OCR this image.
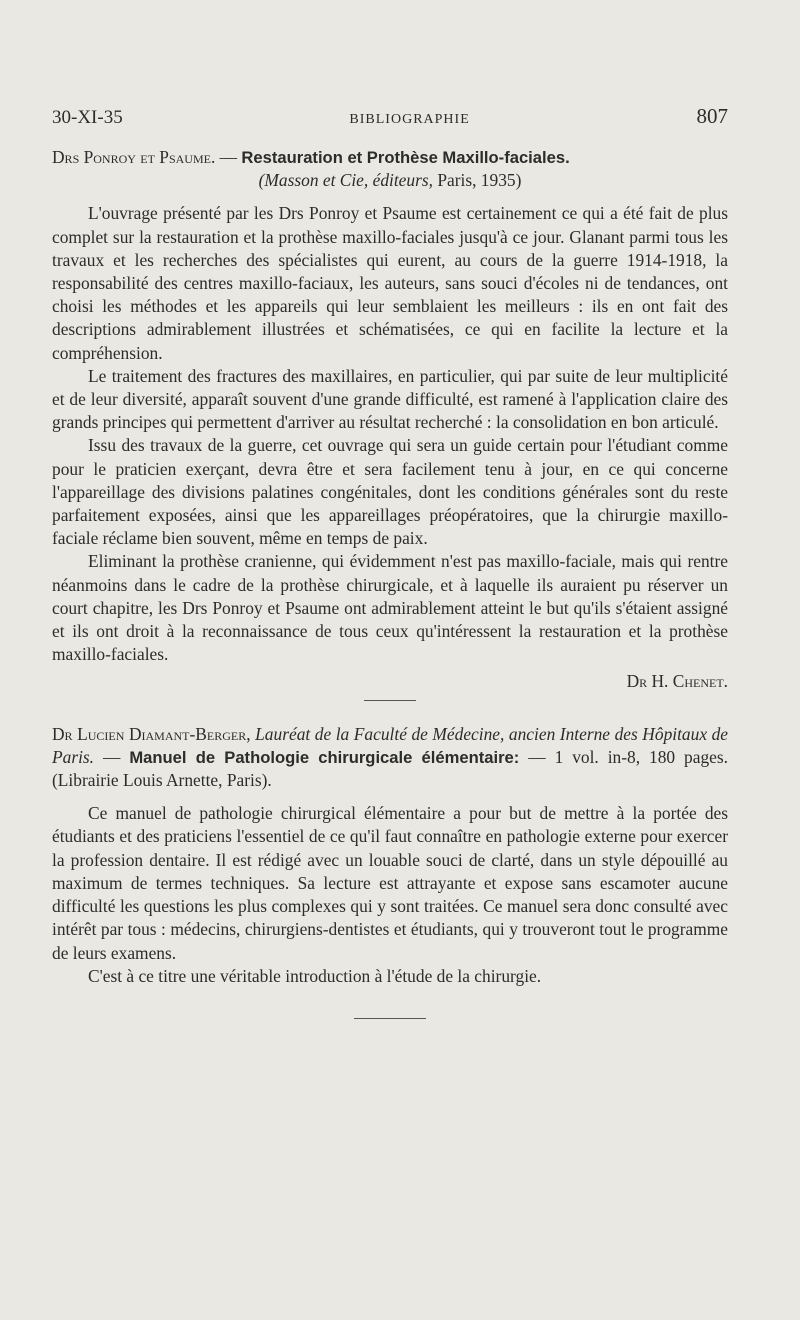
30-XI-35	BIBLIOGRAPHIE	807

Drs Ponroy et Psaume. — Restauration et Prothèse Maxillo-faciales.

(Masson et Cie, éditeurs, Paris, 1935)

L'ouvrage présenté par les Drs Ponroy et Psaume est certainement ce qui a été fait de plus complet sur la restauration et la prothèse maxillo-faciales jusqu'à ce jour. Glanant parmi tous les travaux et les recherches des spécialistes qui eurent, au cours de la guerre 1914-1918, la responsabilité des centres maxillo-faciaux, les auteurs, sans souci d'écoles ni de tendances, ont choisi les méthodes et les appareils qui leur semblaient les meilleurs : ils en ont fait des descriptions admirablement illustrées et schématisées, ce qui en facilite la lecture et la compréhension.

Le traitement des fractures des maxillaires, en particulier, qui par suite de leur multiplicité et de leur diversité, apparaît souvent d'une grande difficulté, est ramené à l'application claire des grands principes qui permettent d'arriver au résultat recherché : la consolidation en bon articulé.

Issu des travaux de la guerre, cet ouvrage qui sera un guide certain pour l'étudiant comme pour le praticien exerçant, devra être et sera facilement tenu à jour, en ce qui concerne l'appareillage des divisions palatines congénitales, dont les conditions générales sont du reste parfaitement exposées, ainsi que les appareillages préopératoires, que la chirurgie maxillo-faciale réclame bien souvent, même en temps de paix.

Eliminant la prothèse cranienne, qui évidemment n'est pas maxillo-faciale, mais qui rentre néanmoins dans le cadre de la prothèse chirurgicale, et à laquelle ils auraient pu réserver un court chapitre, les Drs Ponroy et Psaume ont admirablement atteint le but qu'ils s'étaient assigné et ils ont droit à la reconnaissance de tous ceux qu'intéressent la restauration et la prothèse maxillo-faciales.

Dr H. Chenet.

Dr Lucien Diamant-Berger, Lauréat de la Faculté de Médecine, ancien Interne des Hôpitaux de Paris. — Manuel de Pathologie chirurgicale élémentaire: — 1 vol. in-8, 180 pages. (Librairie Louis Arnette, Paris).

Ce manuel de pathologie chirurgical élémentaire a pour but de mettre à la portée des étudiants et des praticiens l'essentiel de ce qu'il faut connaître en pathologie externe pour exercer la profession dentaire. Il est rédigé avec un louable souci de clarté, dans un style dépouillé au maximum de termes techniques. Sa lecture est attrayante et expose sans escamoter aucune difficulté les questions les plus complexes qui y sont traitées. Ce manuel sera donc consulté avec intérêt par tous : médecins, chirurgiens-dentistes et étudiants, qui y trouveront tout le programme de leurs examens.

C'est à ce titre une véritable introduction à l'étude de la chirurgie.
